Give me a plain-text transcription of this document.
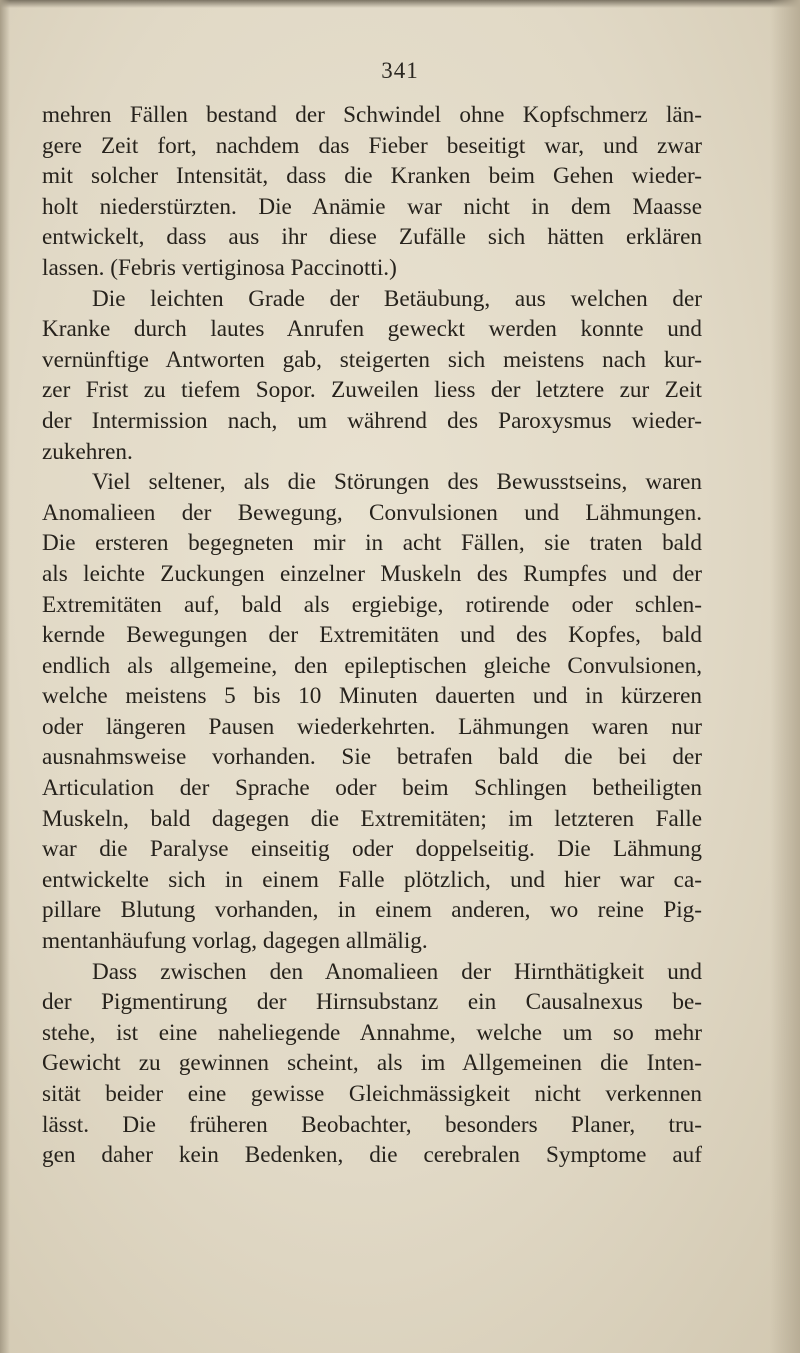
341
mehren Fällen bestand der Schwindel ohne Kopfschmerz län-
gere Zeit fort, nachdem das Fieber beseitigt war, und zwar
mit solcher Intensität, dass die Kranken beim Gehen wieder-
holt niederstürzten. Die Anämie war nicht in dem Maasse
entwickelt, dass aus ihr diese Zufälle sich hätten erklären
lassen. (Febris vertiginosa Paccinotti.)
Die leichten Grade der Betäubung, aus welchen der
Kranke durch lautes Anrufen geweckt werden konnte und
vernünftige Antworten gab, steigerten sich meistens nach kur-
zer Frist zu tiefem Sopor. Zuweilen liess der letztere zur Zeit
der Intermission nach, um während des Paroxysmus wieder-
zukehren.
Viel seltener, als die Störungen des Bewusstseins, waren
Anomalieen der Bewegung, Convulsionen und Lähmungen.
Die ersteren begegneten mir in acht Fällen, sie traten bald
als leichte Zuckungen einzelner Muskeln des Rumpfes und der
Extremitäten auf, bald als ergiebige, rotirende oder schlen-
kernde Bewegungen der Extremitäten und des Kopfes, bald
endlich als allgemeine, den epileptischen gleiche Convulsionen,
welche meistens 5 bis 10 Minuten dauerten und in kürzeren
oder längeren Pausen wiederkehrten. Lähmungen waren nur
ausnahmsweise vorhanden. Sie betrafen bald die bei der
Articulation der Sprache oder beim Schlingen betheiligten
Muskeln, bald dagegen die Extremitäten; im letzteren Falle
war die Paralyse einseitig oder doppelseitig. Die Lähmung
entwickelte sich in einem Falle plötzlich, und hier war ca-
pillare Blutung vorhanden, in einem anderen, wo reine Pig-
mentanhäufung vorlag, dagegen allmälig.
Dass zwischen den Anomalieen der Hirnthätigkeit und
der Pigmentirung der Hirnsubstanz ein Causalnexus be-
stehe, ist eine naheliegende Annahme, welche um so mehr
Gewicht zu gewinnen scheint, als im Allgemeinen die Inten-
sität beider eine gewisse Gleichmässigkeit nicht verkennen
lässt. Die früheren Beobachter, besonders Planer, tru-
gen daher kein Bedenken, die cerebralen Symptome auf
